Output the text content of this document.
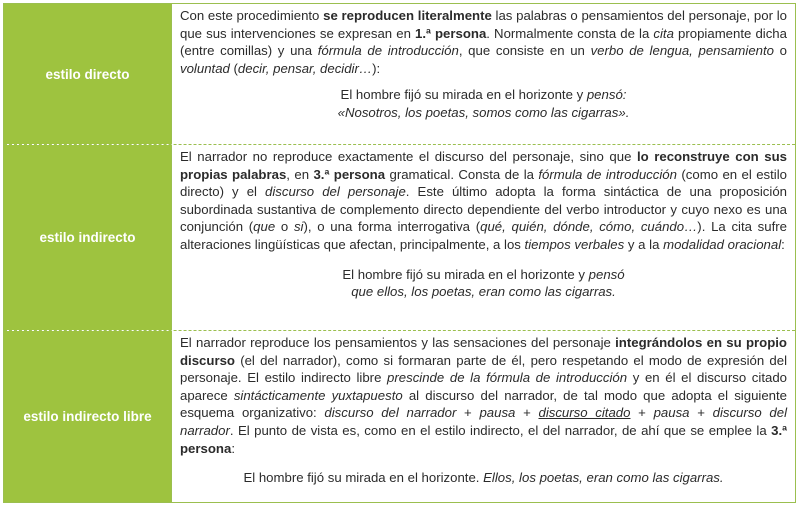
estilo directo

Con este procedimiento se reproducen literalmente las palabras o pensamientos del personaje, por lo que sus intervenciones se expresan en 1.ª persona. Normalmente consta de la cita propiamente dicha (entre comillas) y una fórmula de introducción, que consiste en un verbo de lengua, pensamiento o voluntad (decir, pensar, decidir…):

El hombre fijó su mirada en el horizonte y pensó:
«Nosotros, los poetas, somos como las cigarras».

estilo indirecto

El narrador no reproduce exactamente el discurso del personaje, sino que lo reconstruye con sus propias palabras, en 3.ª persona gramatical. Consta de la fórmula de introducción (como en el estilo directo) y el discurso del personaje. Este último adopta la forma sintáctica de una proposición subordinada sustantiva de complemento directo dependiente del verbo introductor y cuyo nexo es una conjunción (que o si), o una forma interrogativa (qué, quién, dónde, cómo, cuándo…). La cita sufre alteraciones lingüísticas que afectan, principalmente, a los tiempos verbales y a la modalidad oracional:

El hombre fijó su mirada en el horizonte y pensó
que ellos, los poetas, eran como las cigarras.

estilo indirecto libre

El narrador reproduce los pensamientos y las sensaciones del personaje integrándolos en su propio discurso (el del narrador), como si formaran parte de él, pero respetando el modo de expresión del personaje. El estilo indirecto libre prescinde de la fórmula de introducción y en él el discurso citado aparece sintácticamente yuxtapuesto al discurso del narrador, de tal modo que adopta el siguiente esquema organizativo: discurso del narrador + pausa + discurso citado + pausa + discurso del narrador. El punto de vista es, como en el estilo indirecto, el del narrador, de ahí que se emplee la 3.ª persona:

El hombre fijó su mirada en el horizonte. Ellos, los poetas, eran como las cigarras.
